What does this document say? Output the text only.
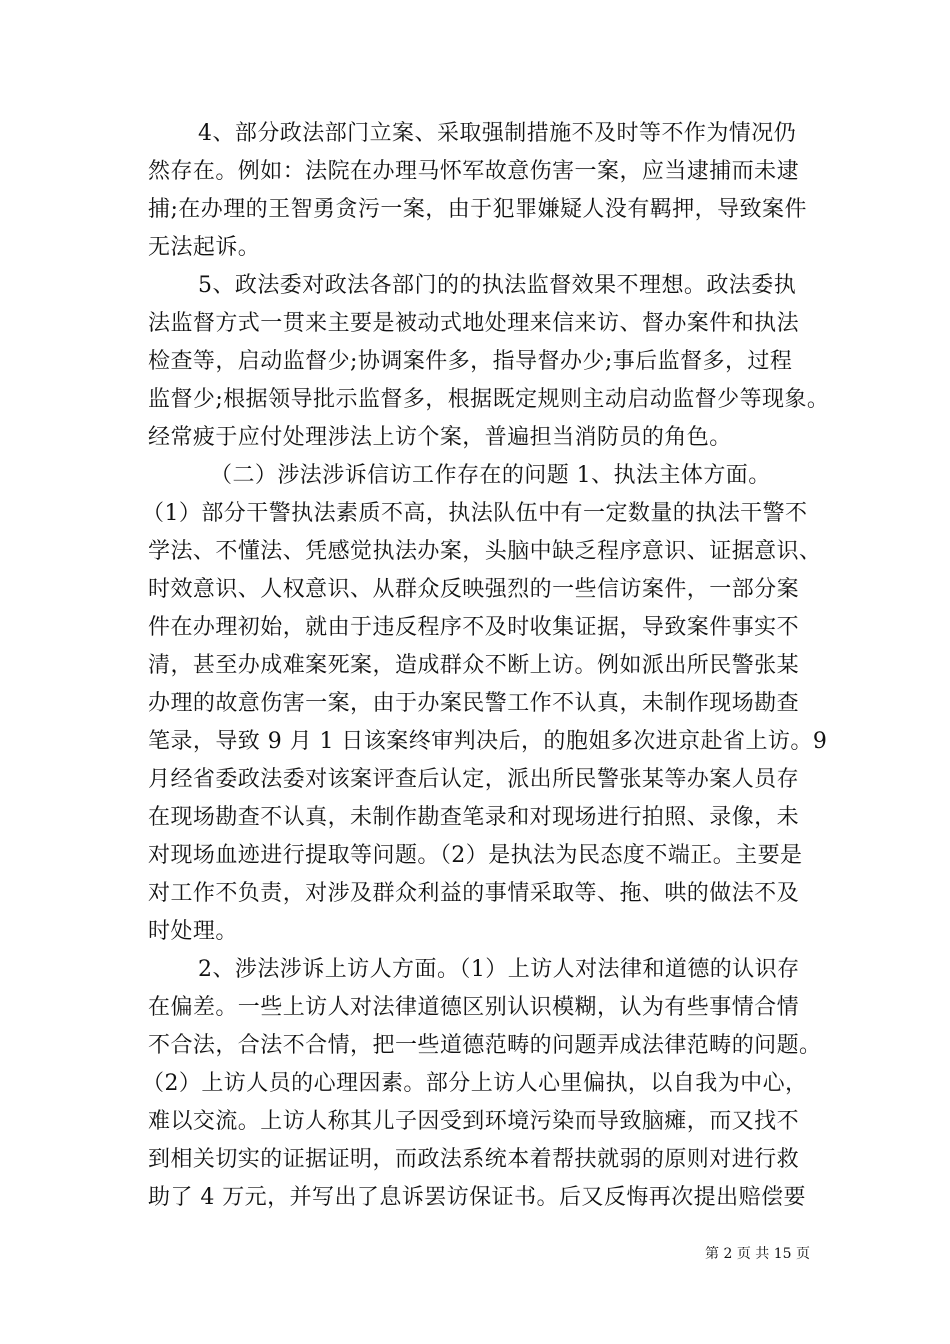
4、部分政法部门立案、采取强制措施不及时等不作为情况仍
然存在。例如：法院在办理马怀军故意伤害一案，应当逮捕而未逮
捕;在办理的王智勇贪污一案，由于犯罪嫌疑人没有羁押，导致案件
无法起诉。
5、政法委对政法各部门的的执法监督效果不理想。政法委执
法监督方式一贯来主要是被动式地处理来信来访、督办案件和执法
检查等，启动监督少;协调案件多，指导督办少;事后监督多，过程
监督少;根据领导批示监督多，根据既定规则主动启动监督少等现象。
经常疲于应付处理涉法上访个案，普遍担当消防员的角色。
（二）涉法涉诉信访工作存在的问题 1、执法主体方面。
（1）部分干警执法素质不高，执法队伍中有一定数量的执法干警不
学法、不懂法、凭感觉执法办案，头脑中缺乏程序意识、证据意识、
时效意识、人权意识、从群众反映强烈的一些信访案件，一部分案
件在办理初始，就由于违反程序不及时收集证据，导致案件事实不
清，甚至办成难案死案，造成群众不断上访。例如派出所民警张某
办理的故意伤害一案，由于办案民警工作不认真，未制作现场勘查
笔录，导致 9 月 1 日该案终审判决后，的胞姐多次进京赴省上访。9
月经省委政法委对该案评查后认定，派出所民警张某等办案人员存
在现场勘查不认真，未制作勘查笔录和对现场进行拍照、录像，未
对现场血迹进行提取等问题。（2）是执法为民态度不端正。主要是
对工作不负责，对涉及群众利益的事情采取等、拖、哄的做法不及
时处理。
2、涉法涉诉上访人方面。（1）上访人对法律和道德的认识存
在偏差。一些上访人对法律道德区别认识模糊，认为有些事情合情
不合法，合法不合情，把一些道德范畴的问题弄成法律范畴的问题。
（2）上访人员的心理因素。部分上访人心里偏执，以自我为中心，
难以交流。上访人称其儿子因受到环境污染而导致脑瘫，而又找不
到相关切实的证据证明，而政法系统本着帮扶就弱的原则对进行救
助了 4 万元，并写出了息诉罢访保证书。后又反悔再次提出赔偿要
第 2 页 共 15 页
